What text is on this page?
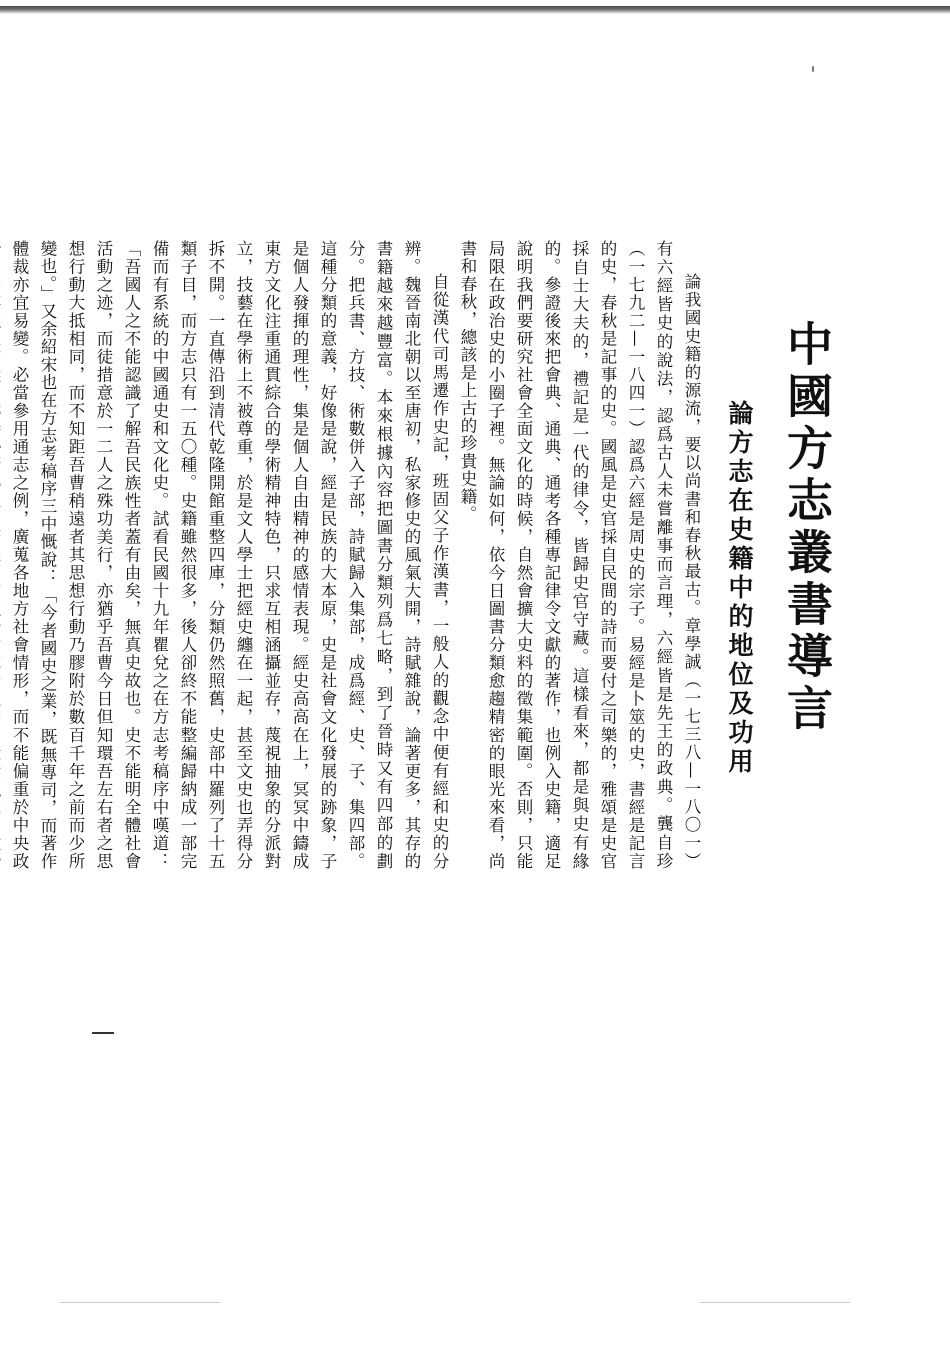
中國方志叢書導言
論方志在史籍中的地位及功用

論我國史籍的源流，要以尚書和春秋最古。章學誠（一七三八—一八〇一）有六經皆史的說法，認爲古人未嘗離事而言理，六經皆是先王的政典。龔自珍（一七九二—一八四一）認爲六經是周史的宗子。易經是卜筮的史，書經是記言的史，春秋是記事的史。國風是史官採自民間的詩而要付之司樂的，雅頌是史官採自士大夫的，禮記是一代的律令，皆歸史官守藏。這樣看來，都是與史有緣的。參證後來把會典、通典、通考各種專記律令文獻的著作，也例入史籍，適足說明我們要研究社會全面文化的時候，自然會擴大史料的徵集範圍。否則，只能局限在政治史的小圈子裡。無論如何，依今日圖書分類愈趨精密的眼光來看，尚書和春秋，總該是上古的珍貴史籍。

自從漢代司馬遷作史記，班固父子作漢書，一般人的觀念中便有經和史的分辨。魏晉南北朝以至唐初，私家修史的風氣大開，詩賦雜說，論著更多，其存的書籍越來越豐富。本來根據內容把圖書分類列爲七略，到了晉時又有四部的劃分。把兵書、方技、術數併入子部，詩賦歸入集部，成爲經、史、子、集四部。這種分類的意義，好像是說，經是民族的大本原，史是社會文化發展的跡象，子是個人發揮的理性，集是個人自由精神的感情表現。經史高高在上，冥冥中鑄成東方文化注重通貫綜合的學術精神特色，只求互相涵攝並存，蔑視抽象的分派對立，技藝在學術上不被尊重，於是文人學士把經史纏在一起，甚至文史也弄得分拆不開。一直傳沿到清代乾隆開館重整四庫，分類仍然照舊，史部中羅列了十五類子目，而方志只有一五〇種。史籍雖然很多，後人卻終不能整編歸納成一部完備而有系統的中國通史和文化史。試看民國十九年瞿兌之在方志考稿序中嘆道：「吾國人之不能認識了解吾民族性者蓋有由矣，無真史故也。史不能明全體社會活動之迹，而徒措意於一二人之殊功美行，亦猶乎吾曹今日但知環吾左右者之思想行動大抵相同，而不知距吾曹稍遠者其思想行動乃膠附於數百千年之前而少所變也。」又余紹宋也在方志考稿序三中慨說：「今者國史之業，既無專司，而著作體裁亦宜易變。必當參用通志之例，廣蒐各地方社會情形，而不能偏重於中央政
